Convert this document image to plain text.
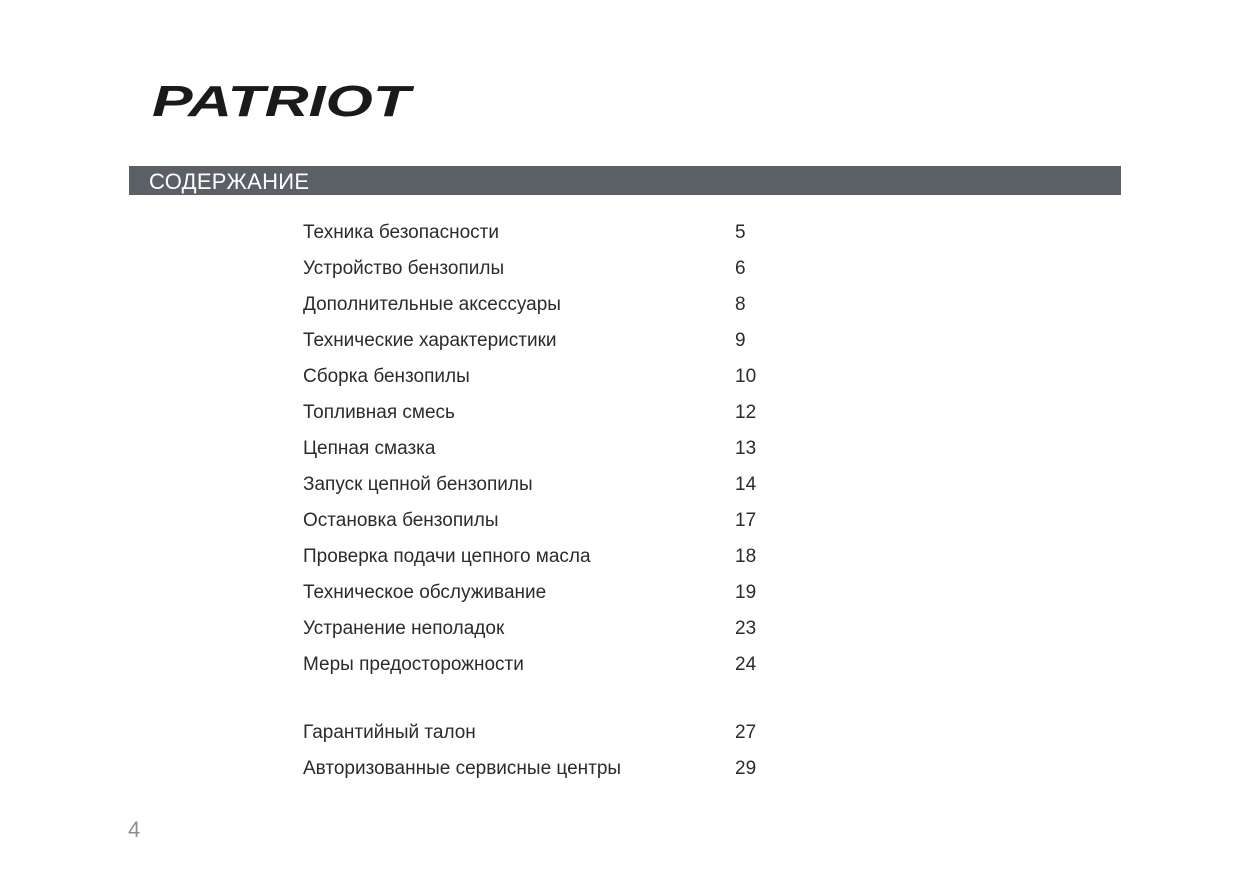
PATRIOT
СОДЕРЖАНИЕ
Техника безопасности	5
Устройство бензопилы	6
Дополнительные аксессуары	8
Технические характеристики	9
Сборка бензопилы	10
Топливная смесь	12
Цепная смазка	13
Запуск цепной бензопилы	14
Остановка бензопилы	17
Проверка подачи цепного масла	18
Техническое обслуживание	19
Устранение неполадок	23
Меры предосторожности	24
Гарантийный талон	27
Авторизованные сервисные центры	29
4
